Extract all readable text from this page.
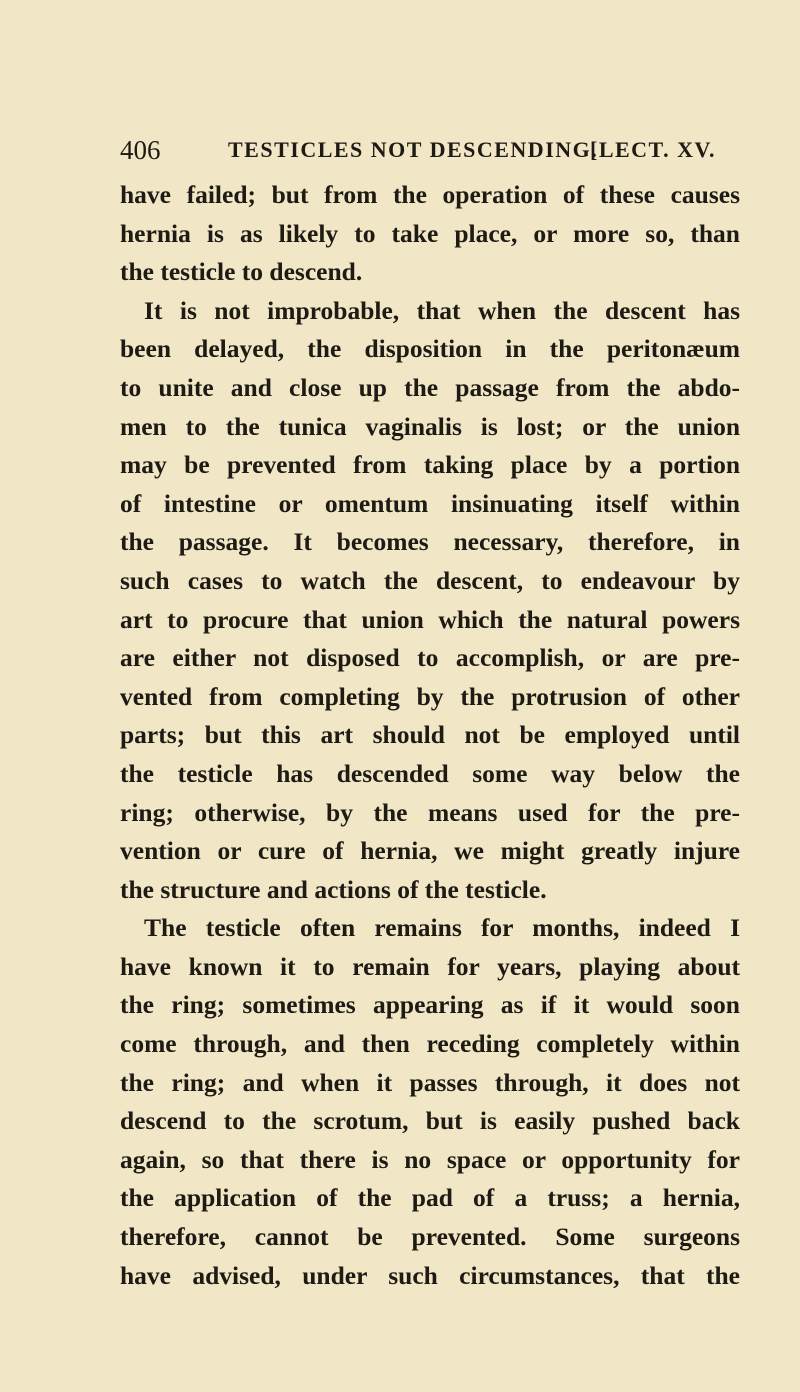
406	TESTICLES NOT DESCENDING.
[LECT. XV.
have failed; but from the operation of these causes
hernia is as likely to take place, or more so, than
the testicle to descend.
It is not improbable, that when the descent has
been delayed, the disposition in the peritonæum
to unite and close up the passage from the abdo-
men to the tunica vaginalis is lost; or the union
may be prevented from taking place by a portion
of intestine or omentum insinuating itself within
the passage. It becomes necessary, therefore, in
such cases to watch the descent, to endeavour by
art to procure that union which the natural powers
are either not disposed to accomplish, or are pre-
vented from completing by the protrusion of other
parts; but this art should not be employed until
the testicle has descended some way below the
ring; otherwise, by the means used for the pre-
vention or cure of hernia, we might greatly injure
the structure and actions of the testicle.
The testicle often remains for months, indeed I
have known it to remain for years, playing about
the ring; sometimes appearing as if it would soon
come through, and then receding completely within
the ring; and when it passes through, it does not
descend to the scrotum, but is easily pushed back
again, so that there is no space or opportunity for
the application of the pad of a truss; a hernia,
therefore, cannot be prevented. Some surgeons
have advised, under such circumstances, that the
